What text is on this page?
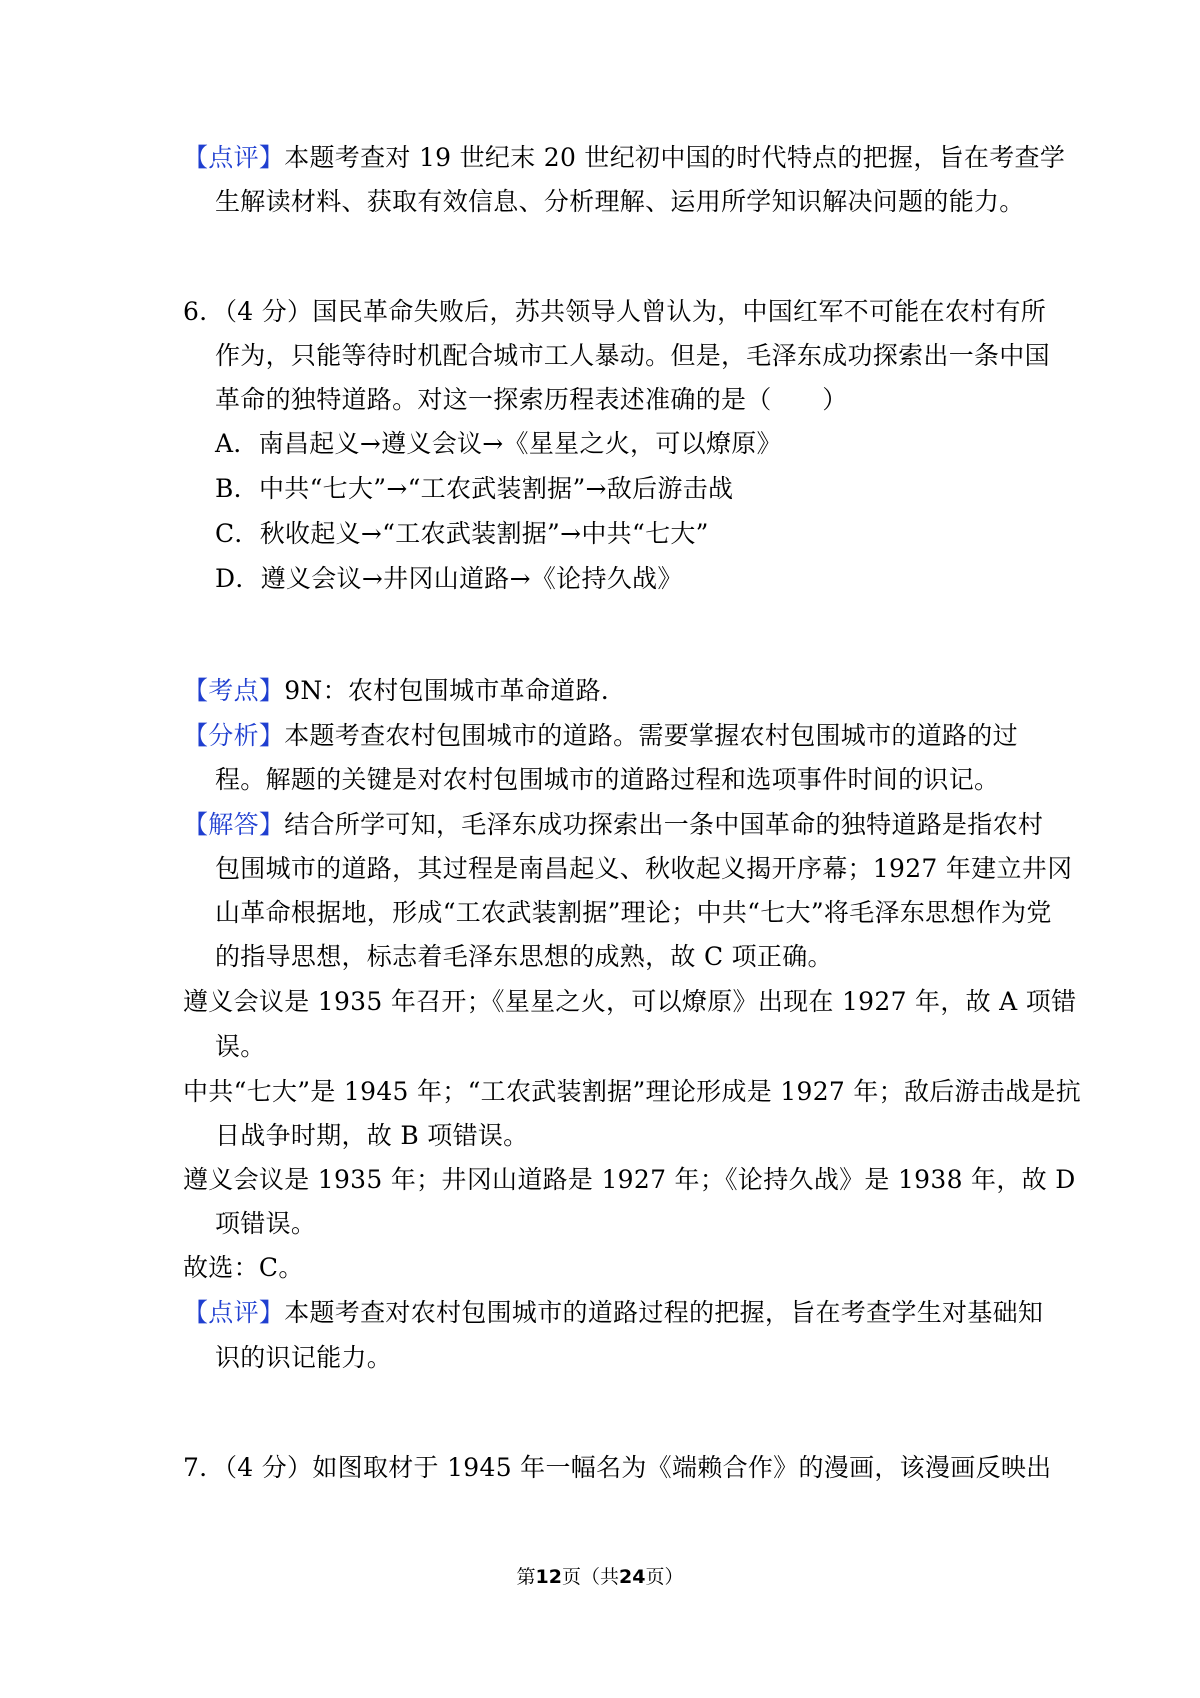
【点评】本题考查对 19 世纪末 20 世纪初中国的时代特点的把握，旨在考查学
生解读材料、获取有效信息、分析理解、运用所学知识解决问题的能力。
6．（4 分）国民革命失败后，苏共领导人曾认为，中国红军不可能在农村有所
作为，只能等待时机配合城市工人暴动。但是，毛泽东成功探索出一条中国
革命的独特道路。对这一探索历程表述准确的是（　　）
A．南昌起义→遵义会议→《星星之火，可以燎原》
B．中共“七大”→“工农武装割据”→敌后游击战
C．秋收起义→“工农武装割据”→中共“七大”
D．遵义会议→井冈山道路→《论持久战》
【考点】9N：农村包围城市革命道路．
【分析】本题考查农村包围城市的道路。需要掌握农村包围城市的道路的过
程。解题的关键是对农村包围城市的道路过程和选项事件时间的识记。
【解答】结合所学可知，毛泽东成功探索出一条中国革命的独特道路是指农村
包围城市的道路，其过程是南昌起义、秋收起义揭开序幕；1927 年建立井冈
山革命根据地，形成“工农武装割据”理论；中共“七大”将毛泽东思想作为党
的指导思想，标志着毛泽东思想的成熟，故 C 项正确。
遵义会议是 1935 年召开；《星星之火，可以燎原》出现在 1927 年，故 A 项错
误。
中共“七大”是 1945 年；“工农武装割据”理论形成是 1927 年；敌后游击战是抗
日战争时期，故 B 项错误。
遵义会议是 1935 年；井冈山道路是 1927 年；《论持久战》是 1938 年，故 D
项错误。
故选：C。
【点评】本题考查对农村包围城市的道路过程的把握，旨在考查学生对基础知
识的识记能力。
7．（4 分）如图取材于 1945 年一幅名为《端赖合作》的漫画，该漫画反映出
第12页（共24页）
